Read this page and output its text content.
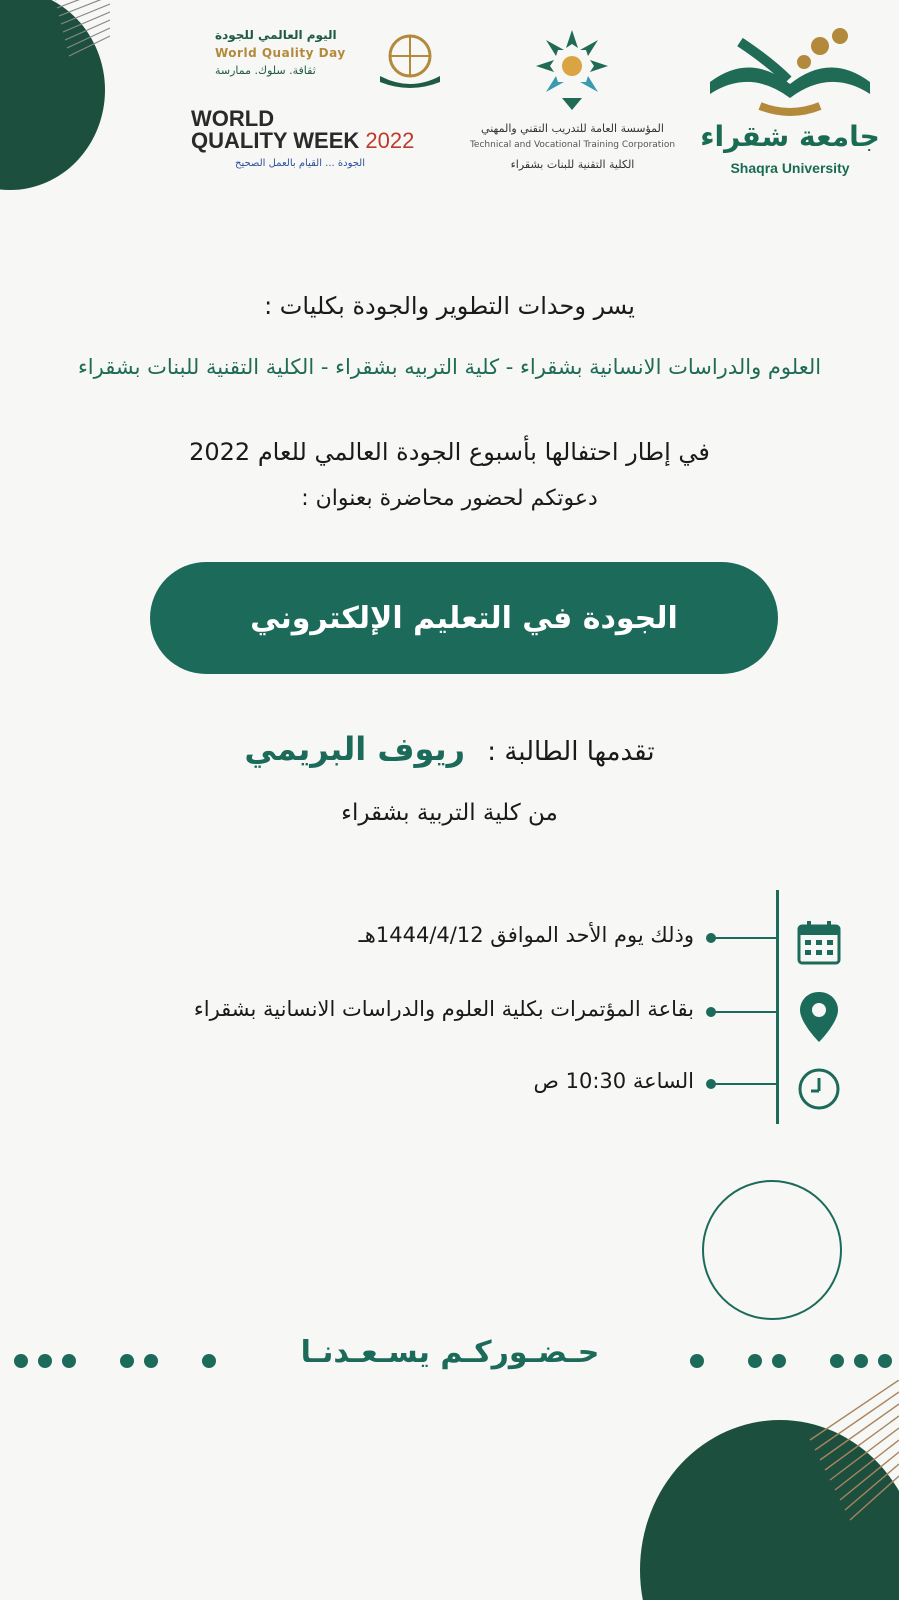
اليوم العالمي للجودة
World Quality Day
ثقافة. سلوك. ممارسة
WORLD
QUALITY WEEK 2022
الجودة ... القيام بالعمل الصحيح
المؤسسة العامة للتدريب التقني والمهني
Technical and Vocational Training Corporation
الكلية التقنية للبنات بشقراء
جامعة شقراء
Shaqra University
يسر وحدات التطوير والجودة بكليات :
العلوم والدراسات الانسانية بشقراء - كلية التربيه بشقراء - الكلية التقنية للبنات بشقراء
في إطار احتفالها بأسبوع الجودة العالمي للعام 2022
دعوتكم لحضور محاضرة بعنوان :
الجودة في التعليم الإلكتروني
تقدمها الطالبة : ريوف البريمي
من كلية التربية بشقراء
وذلك يوم الأحد الموافق 1444/4/12هـ
بقاعة المؤتمرات بكلية العلوم والدراسات الانسانية بشقراء
الساعة 10:30 ص
حـضـوركـم يسـعـدنـا
